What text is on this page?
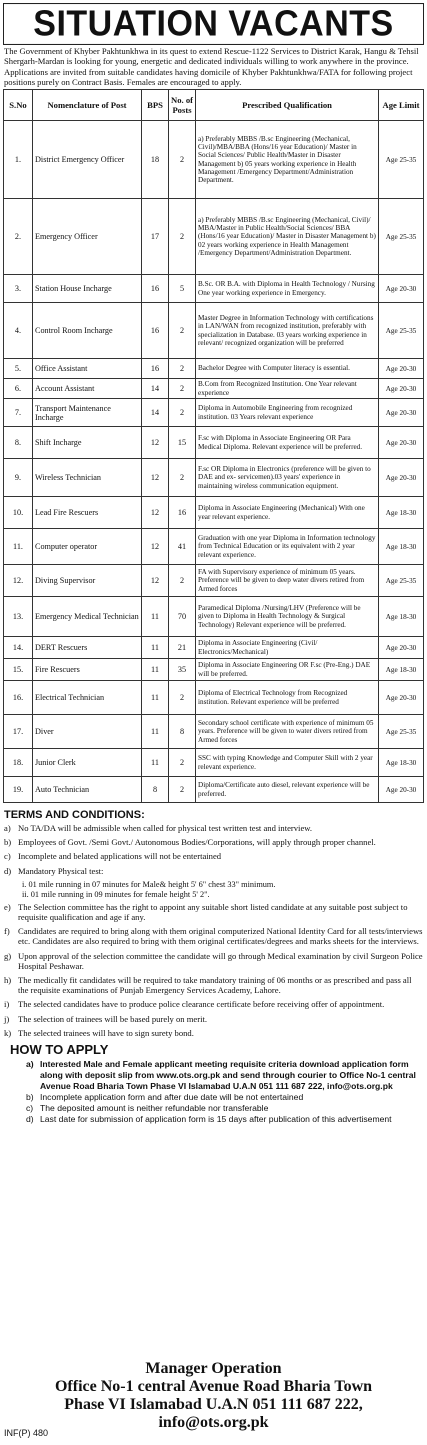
SITUATION VACANTS

The Government of Khyber Pakhtunkhwa in its quest to extend Rescue-1122 Services to District Karak, Hangu & Tehsil Shergarh-Mardan is looking for young, energetic and dedicated individuals willing to work anywhere in the province.

Applications are invited from suitable candidates having domicile of Khyber Pakhtunkhwa/FATA for following project positions purely on Contract Basis. Females are encouraged to apply.

S.No	Nomenclature of Post	BPS	No. of Posts	Prescribed Qualification	Age Limit
1.	District Emergency Officer	18	2	a) Preferably MBBS /B.sc Engineering (Mechanical, Civil)/MBA/BBA (Hons/16 year Education)/ Master in Social Sciences/ Public Health/Master in Disaster Management b) 05 years working experience in Health Management /Emergency Department/Administration Department.	Age 25-35
2.	Emergency Officer	17	2	a) Preferably MBBS /B.sc Engineering (Mechanical, Civil)/ MBA/Master in Public Health/Social Sciences/ BBA (Hons/16 year Education)/ Master in Disaster Management b) 02 years working experience in Health Management /Emergency Department/Administration Department.	Age 25-35
3.	Station House Incharge	16	5	B.Sc. OR B.A. with Diploma in Health Technology / Nursing One year working experience in Emergency.	Age 20-30
4.	Control Room Incharge	16	2	Master Degree in Information Technology with certifications in LAN/WAN from recognized institution, preferably with specialization in Database. 03 years working experience in relevant/ recognized organization will be preferred	Age 25-35
5.	Office Assistant	16	2	Bachelor Degree with Computer literacy is essential.	Age 20-30
6.	Account Assistant	14	2	B.Com from Recognized Institution. One Year relevant experience	Age 20-30
7.	Transport Maintenance Incharge	14	2	Diploma in Automobile Engineering from recognized institution. 03 Years relevant experience	Age 20-30
8.	Shift Incharge	12	15	F.sc with Diploma in Associate Engineering OR Para Medical Diploma. Relevant experience will be preferred.	Age 20-30
9.	Wireless Technician	12	2	F.sc OR Diploma in Electronics (preference will be given to DAE and ex- servicemen).03 years' experience in maintaining wireless communication equipment.	Age 20-30
10.	Lead Fire Rescuers	12	16	Diploma in Associate Engineering (Mechanical) With one year relevant experience.	Age 18-30
11.	Computer operator	12	41	Graduation with one year Diploma in Information technology from Technical Education or its equivalent with 2 year relevant experience.	Age 18-30
12.	Diving Supervisor	12	2	FA with Supervisory experience of minimum 05 years. Preference will be given to deep water divers retired from Armed forces	Age 25-35
13.	Emergency Medical Technician	11	70	Paramedical Diploma /Nursing/LHV (Preference will be given to Diploma in Health Technology & Surgical Technology) Relevant experience will be preferred.	Age 18-30
14.	DERT Rescuers	11	21	Diploma in Associate Engineering (Civil/ Electronics/Mechanical)	Age 20-30
15.	Fire Rescuers	11	35	Diploma in Associate Engineering OR F.sc (Pre-Eng.) DAE will be preferred.	Age 18-30
16.	Electrical Technician	11	2	Diploma of Electrical Technology from Recognized institution. Relevant experience will be preferred	Age 20-30
17.	Diver	11	8	Secondary school certificate with experience of minimum 05 years. Preference will be given to water divers retired from Armed forces	Age 25-35
18.	Junior Clerk	11	2	SSC with typing Knowledge and Computer Skill with 2 year relevant experience.	Age 18-30
19.	Auto Technician	8	2	Diploma/Certificate auto diesel, relevant experience will be preferred.	Age 20-30
TERMS AND CONDITIONS:
a) No TA/DA will be admissible when called for physical test written test and interview.
b) Employees of Govt. /Semi Govt./ Autonomous Bodies/Corporations, will apply through proper channel.
c) Incomplete and belated applications will not be entertained
d) Mandatory Physical test:
i. 01 mile running in 07 minutes for Male& height 5' 6" chest 33" minimum.
ii. 01 mile running in 09 minutes for female height 5' 2".
e) The Selection committee has the right to appoint any suitable short listed candidate at any suitable post subject to requisite qualification and age if any.
f) Candidates are required to bring along with them original computerized National Identity Card for all tests/interviews etc. Candidates are also required to bring with them original certificates/degrees and marks sheets for the interviews.
g) Upon approval of the selection committee the candidate will go through Medical examination by civil Surgeon Police Hospital Peshawar.
h) The medically fit candidates will be required to take mandatory training of 06 months or as prescribed and pass all the requisite examinations of Punjab Emergency Services Academy, Lahore.
i)	The selected candidates have to produce police clearance certificate before receiving offer of appointment.
j)	The selection of trainees will be based purely on merit.
k) The selected trainees will have to sign surety bond.
HOW TO APPLY
a) Interested Male and Female applicant meeting requisite criteria download application form along with deposit slip from www.ots.org.pk and send through courier to Office No-1 central Avenue Road Bharia Town Phase VI Islamabad U.A.N 051 111 687 222, info@ots.org.pk
b) Incomplete application form and after due date will be not entertained
c) The deposited amount is neither refundable nor transferable
d) Last date for submission of application form is 15 days after publication of this advertisement
Manager Operation
Office No-1 central Avenue Road Bharia Town
Phase VI Islamabad U.A.N 051 111 687 222,
info@ots.org.pk
INF(P) 480
